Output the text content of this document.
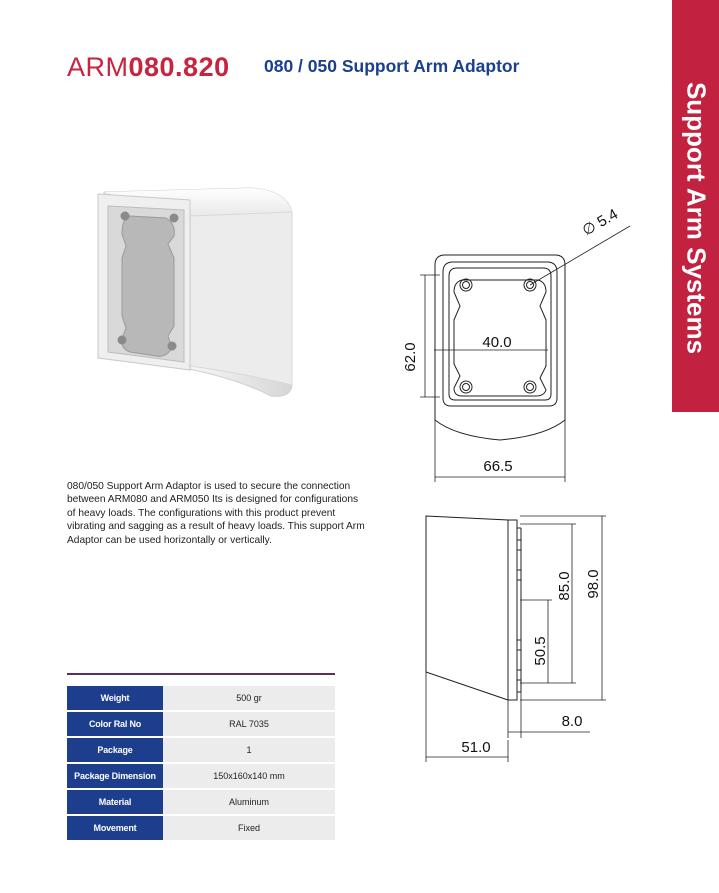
ARM080.820 080 / 050 Support Arm Adaptor
Support Arm Systems
∅ 5.4
62.0	40.0
66.5
98.0
85.0
50.5
8.0
51.0

080/050 Support Arm Adaptor is used to secure the connection between ARM080 and ARM050 Its is designed for configurations of heavy loads. The configurations with this product prevent vibrating and sagging as a result of heavy loads. This support Arm Adaptor can be used horizontally or vertically.

Weight	500 gr
Color Ral No	RAL 7035
Package	1
Package Dimension	150x160x140 mm
Material	Aluminum
Movement	Fixed
